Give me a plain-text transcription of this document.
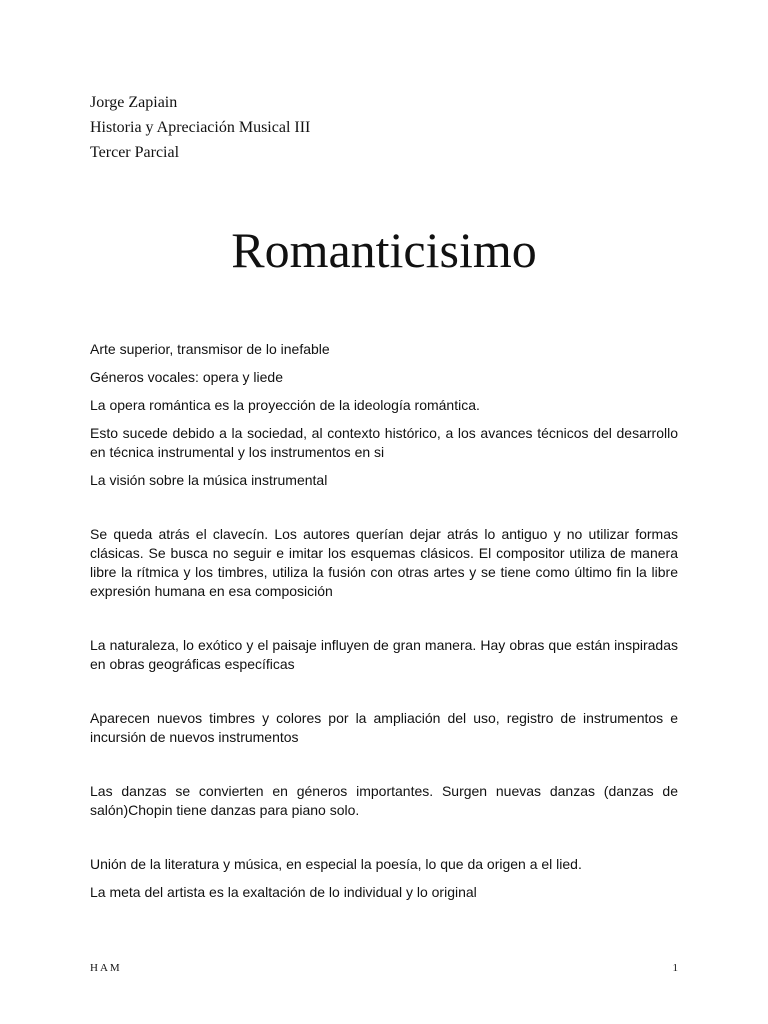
Jorge Zapiain
Historia y Apreciación Musical III
Tercer Parcial
Romanticisimo

Arte superior, transmisor de lo inefable

Géneros vocales: opera y liede

La opera romántica es la proyección de la ideología romántica.

Esto sucede debido a la sociedad, al contexto histórico, a los avances técnicos del desarrollo en técnica instrumental y los instrumentos en si

La visión sobre la música instrumental

Se queda atrás el clavecín. Los autores querían dejar atrás lo antiguo y no utilizar formas clásicas. Se busca no seguir e imitar los esquemas clásicos. El compositor utiliza de manera libre la rítmica y los timbres, utiliza la fusión con otras artes y se tiene como último fin la libre expresión humana en esa composición

La naturaleza, lo exótico y el paisaje influyen de gran manera. Hay obras que están inspiradas en obras geográficas específicas

Aparecen nuevos timbres y colores por la ampliación del uso, registro de instrumentos e incursión de nuevos instrumentos

Las danzas se convierten en géneros importantes. Surgen nuevas danzas (danzas de salón)Chopin tiene danzas para piano solo.

Unión de la literatura y música, en especial la poesía, lo que da origen a el lied.

La meta del artista es la exaltación de lo individual y lo original

HAM	1
